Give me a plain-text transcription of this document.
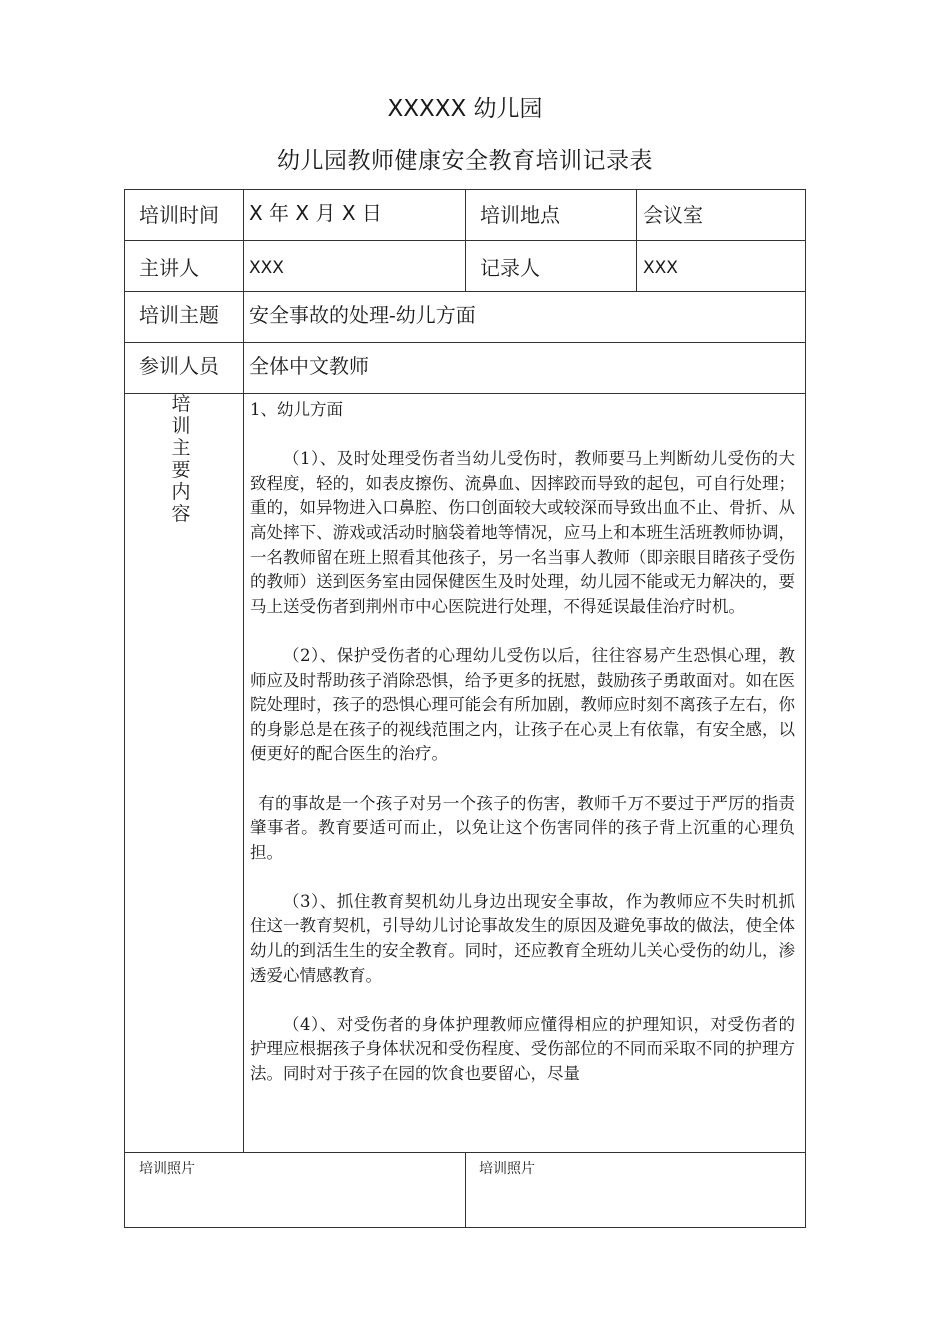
XXXXX 幼儿园
幼儿园教师健康安全教育培训记录表
培训时间 X 年 X 月 X 日	培训地点	会议室
主讲人	XXX	记录人	XXX
培训主题 安全事故的处理-幼儿方面
参训人员 全体中文教师
培训主要内容

1、幼儿方面

（1）、及时处理受伤者当幼儿受伤时，教师要马上判断幼儿受伤的大致程度，轻的，如表皮擦伤、流鼻血、因摔跤而导致的起包，可自行处理；重的，如异物进入口鼻腔、伤口创面较大或较深而导致出血不止、骨折、从高处摔下、游戏或活动时脑袋着地等情况，应马上和本班生活班教师协调，一名教师留在班上照看其他孩子，另一名当事人教师（即亲眼目睹孩子受伤的教师）送到医务室由园保健医生及时处理，幼儿园不能或无力解决的，要马上送受伤者到荆州市中心医院进行处理，不得延误最佳治疗时机。

（2）、保护受伤者的心理幼儿受伤以后，往往容易产生恐惧心理，教师应及时帮助孩子消除恐惧，给予更多的抚慰，鼓励孩子勇敢面对。如在医院处理时，孩子的恐惧心理可能会有所加剧，教师应时刻不离孩子左右，你的身影总是在孩子的视线范围之内，让孩子在心灵上有依靠，有安全感，以便更好的配合医生的治疗。

有的事故是一个孩子对另一个孩子的伤害，教师千万不要过于严厉的指责肇事者。教育要适可而止，以免让这个伤害同伴的孩子背上沉重的心理负担。

（3）、抓住教育契机幼儿身边出现安全事故，作为教师应不失时机抓住这一教育契机，引导幼儿讨论事故发生的原因及避免事故的做法，使全体幼儿的到活生生的安全教育。同时，还应教育全班幼儿关心受伤的幼儿，渗透爱心情感教育。

（4）、对受伤者的身体护理教师应懂得相应的护理知识，对受伤者的护理应根据孩子身体状况和受伤程度、受伤部位的不同而采取不同的护理方法。同时对于孩子在园的饮食也要留心，尽量

培训照片	培训照片
